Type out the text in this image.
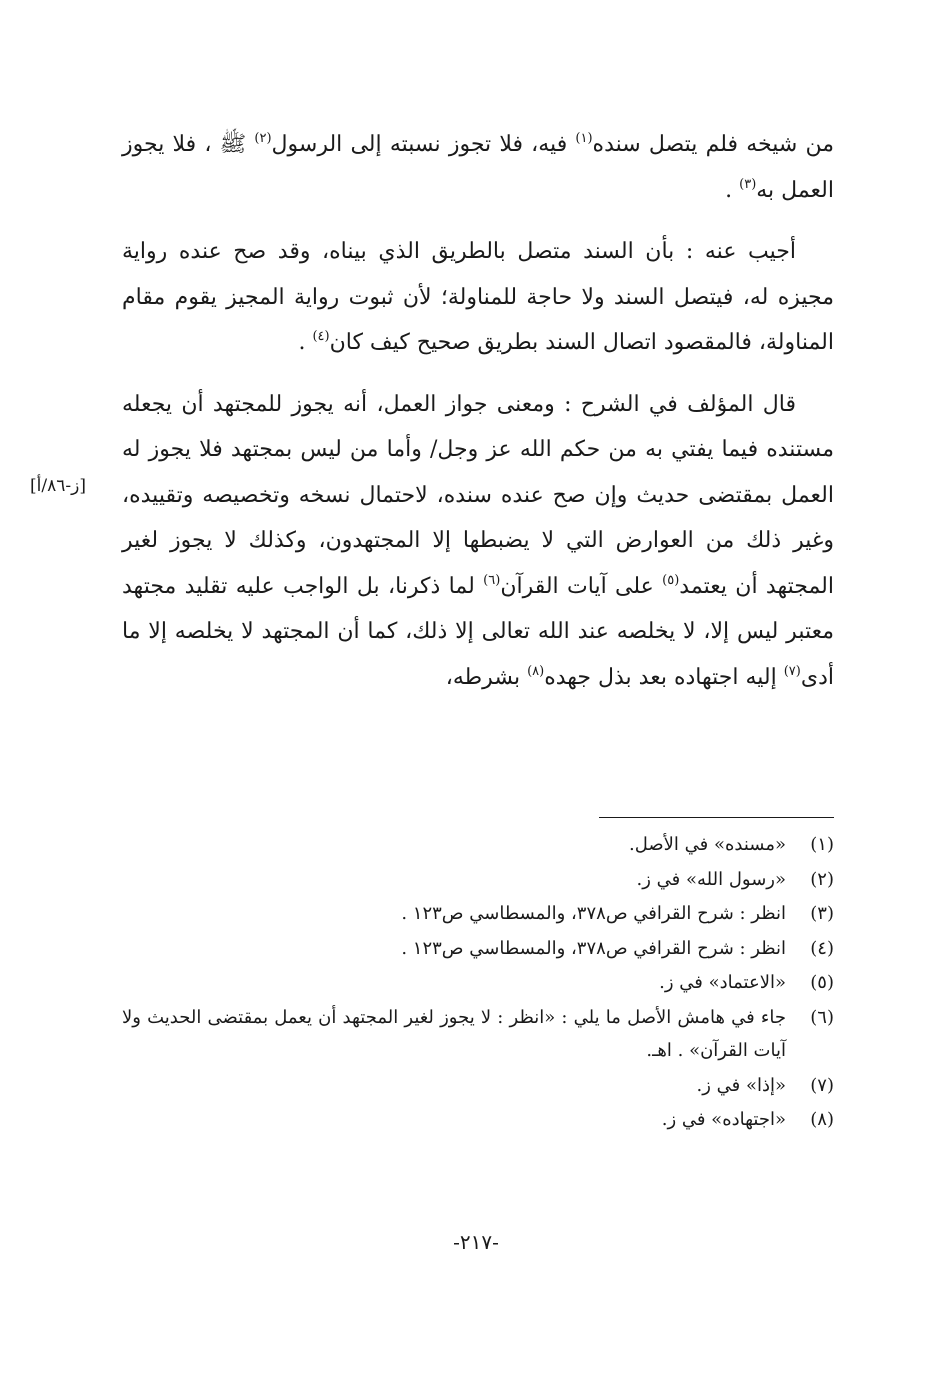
من شيخه فلم يتصل سنده$^{(١)}$ فيه، فلا تجوز نسبته إلى الرسول$^{(٢)}$ ﷺ ، فلا يجوز العمل به$^{(٣)}$ .

أجيب عنه : بأن السند متصل بالطريق الذي بيناه، وقد صح عنده رواية مجيزه له، فيتصل السند ولا حاجة للمناولة؛ لأن ثبوت رواية المجيز يقوم مقام المناولة، فالمقصود اتصال السند بطريق صحيح كيف كان$^{(٤)}$ .

قال المؤلف في الشرح : ومعنى جواز العمل، أنه يجوز للمجتهد أن يجعله مستنده فيما يفتي به من حكم الله عز وجل/ وأما من ليس بمجتهد فلا يجوز له العمل بمقتضى حديث وإن صح عنده سنده، لاحتمال نسخه وتخصيصه وتقييده، وغير ذلك من العوارض التي لا يضبطها إلا المجتهدون، وكذلك لا يجوز لغير المجتهد أن يعتمد$^{(٥)}$ على آيات القرآن$^{(٦)}$ لما ذكرنا، بل الواجب عليه تقليد مجتهد معتبر ليس إلا، لا يخلصه عند الله تعالى إلا ذلك، كما أن المجتهد لا يخلصه إلا ما أدى$^{(٧)}$ إليه اجتهاده بعد بذل جهده$^{(٨)}$ بشرطه،

[ز-٨٦/أ]
(١)
«مسنده» في الأصل.
(٢)
«رسول الله» في ز.
(٣)
انظر : شرح القرافي ص٣٧٨، والمسطاسي ص١٢٣ .
(٤)
انظر : شرح القرافي ص٣٧٨، والمسطاسي ص١٢٣ .
(٥)
«الاعتماد» في ز.
(٦)
جاء في هامش الأصل ما يلي : «انظر : لا يجوز لغير المجتهد أن يعمل بمقتضى الحديث ولا آيات القرآن» . اهـ.
(٧)
«إذا» في ز.
(٨)
«اجتهاده» في ز.
-٢١٧-
